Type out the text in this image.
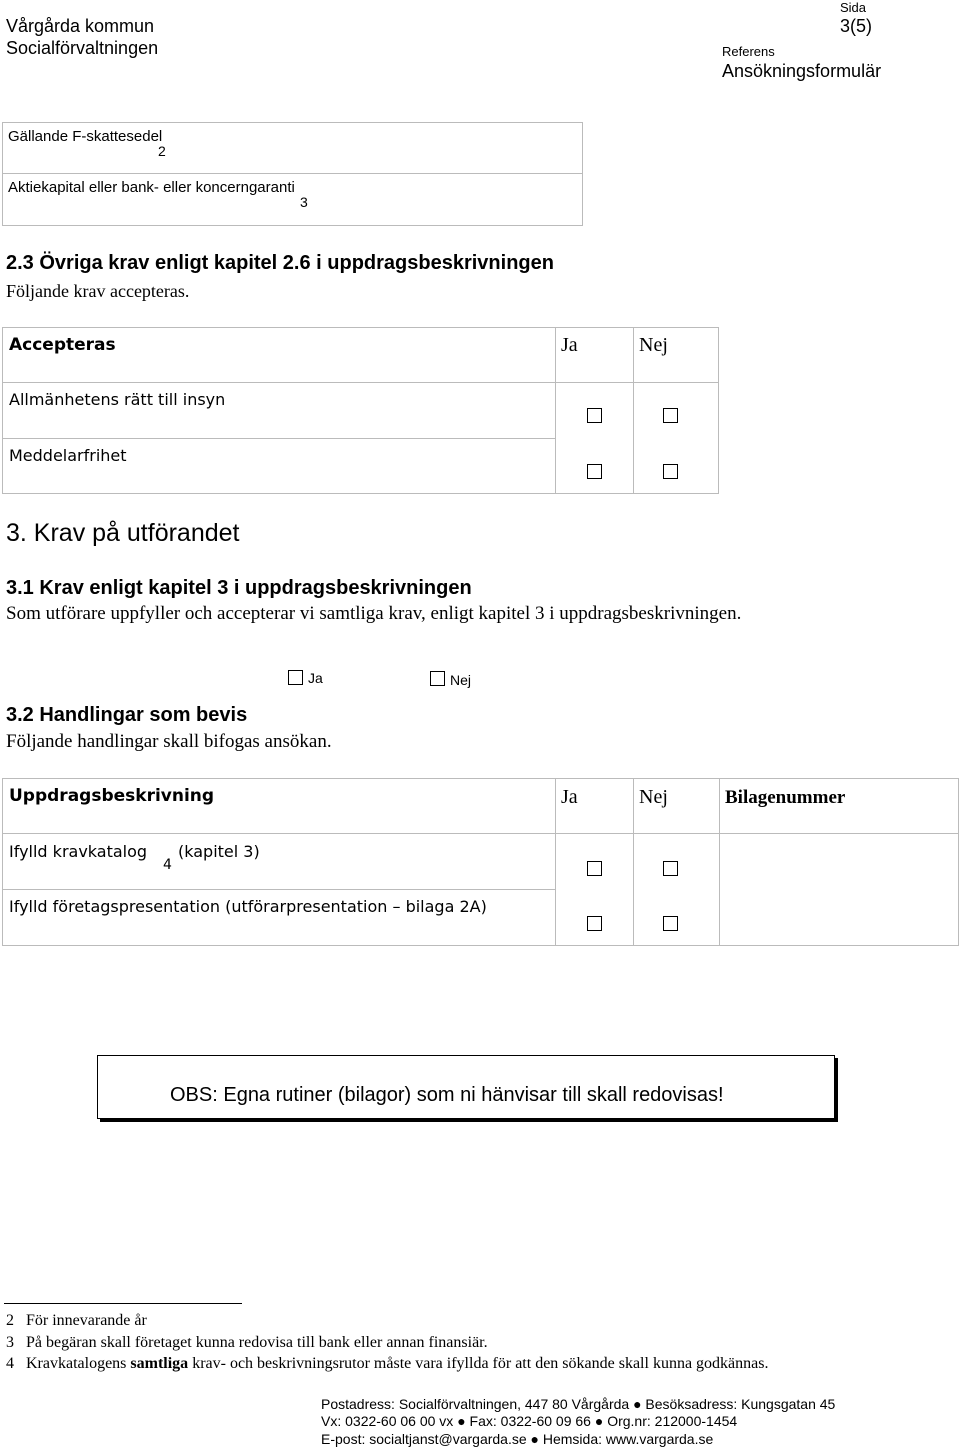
Vårgårda kommun
Socialförvaltningen
Sida
3(5)
Referens
Ansökningsformulär
Gällande F-skattesedel
2
Aktiekapital eller bank- eller koncerngaranti
3
2.3 Övriga krav enligt kapitel 2.6 i uppdragsbeskrivningen
Följande krav accepteras.
Accepteras	Ja	Nej
Allmänhetens rätt till insyn
Meddelarfrihet
3. Krav på utförandet
3.1 Krav enligt kapitel 3 i uppdragsbeskrivningen
Som utförare uppfyller och accepterar vi samtliga krav, enligt kapitel 3 i uppdragsbeskrivningen.
Ja	Nej
3.2 Handlingar som bevis
Följande handlingar skall bifogas ansökan.
Uppdragsbeskrivning	Ja	Nej	Bilagenummer
Ifylld kravkatalog
4
(kapitel 3)
Ifylld företagspresentation (utförarpresentation – bilaga 2A)
OBS: Egna rutiner (bilagor) som ni hänvisar till skall redovisas!
2 För innevarande år
3 På begäran skall företaget kunna redovisa till bank eller annan finansiär.
4 Kravkatalogens samtliga krav- och beskrivningsrutor måste vara ifyllda för att den sökande skall kunna godkännas.
Postadress: Socialförvaltningen, 447 80 Vårgårda ● Besöksadress: Kungsgatan 45
Vx: 0322-60 06 00 vx ● Fax: 0322-60 09 66 ● Org.nr: 212000-1454
E-post: socialtjanst@vargarda.se ● Hemsida: www.vargarda.se
